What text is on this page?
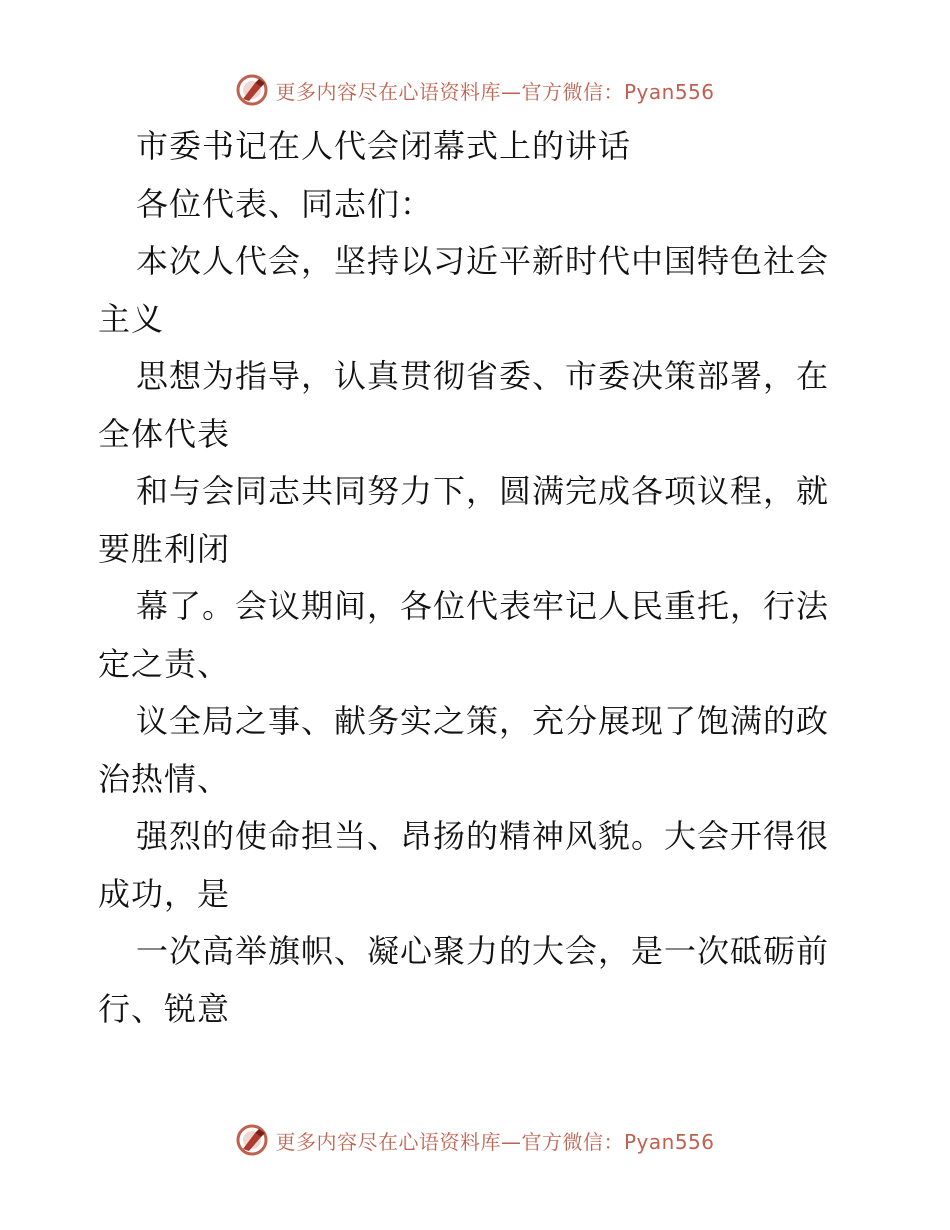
更多内容尽在心语资料库—官方微信：Pyan556
市委书记在人代会闭幕式上的讲话
各位代表、同志们：
本次人代会，坚持以习近平新时代中国特色社会
主义
思想为指导，认真贯彻省委、市委决策部署，在
全体代表
和与会同志共同努力下，圆满完成各项议程，就
要胜利闭
幕了。会议期间，各位代表牢记人民重托，行法
定之责、
议全局之事、献务实之策，充分展现了饱满的政
治热情、
强烈的使命担当、昂扬的精神风貌。大会开得很
成功，是
一次高举旗帜、凝心聚力的大会，是一次砥砺前
行、锐意
更多内容尽在心语资料库—官方微信：Pyan556
